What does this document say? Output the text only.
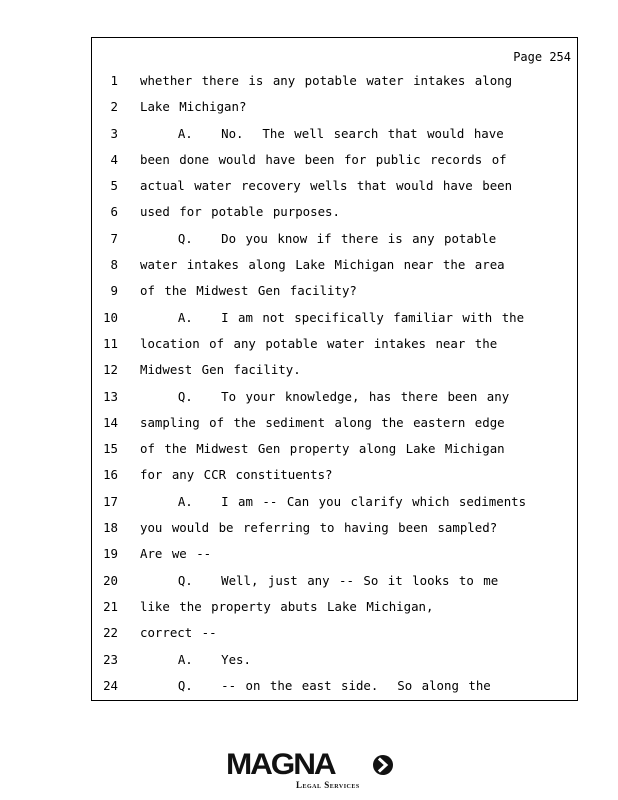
Page 254
1 whether there is any potable water intakes along
2 Lake Michigan?
3 A.   No.  The well search that would have
4 been done would have been for public records of
5 actual water recovery wells that would have been
6 used for potable purposes.
7 Q.   Do you know if there is any potable
8 water intakes along Lake Michigan near the area
9 of the Midwest Gen facility?
10 A.   I am not specifically familiar with the
11 location of any potable water intakes near the
12 Midwest Gen facility.
13 Q.   To your knowledge, has there been any
14 sampling of the sediment along the eastern edge
15 of the Midwest Gen property along Lake Michigan
16 for any CCR constituents?
17 A.   I am -- Can you clarify which sediments
18 you would be referring to having been sampled?
19 Are we --
20 Q.   Well, just any -- So it looks to me
21 like the property abuts Lake Michigan,
22 correct --
23 A.   Yes.
24 Q.   -- on the east side.  So along the
MAGNA
Legal Services
